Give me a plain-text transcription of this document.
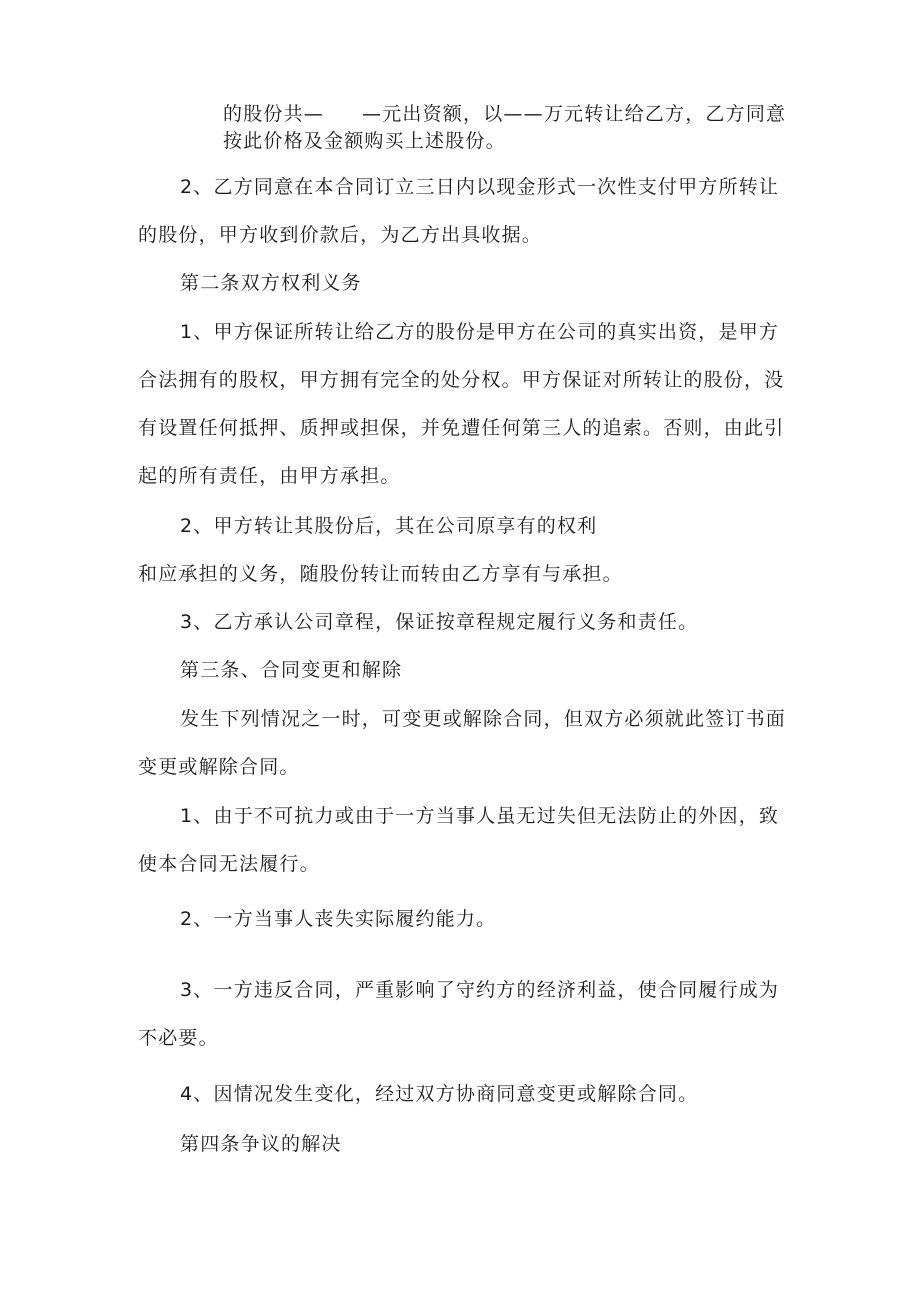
的股份共— —元出资额，以——万元转让给乙方，乙方同意
按此价格及金额购买上述股份。
2、乙方同意在本合同订立三日内以现金形式一次性支付甲方所转让
的股份，甲方收到价款后，为乙方出具收据。
第二条双方权利义务
1、甲方保证所转让给乙方的股份是甲方在公司的真实出资，是甲方
合法拥有的股权，甲方拥有完全的处分权。甲方保证对所转让的股份，没
有设置任何抵押、质押或担保，并免遭任何第三人的追索。否则，由此引
起的所有责任，由甲方承担。
2、甲方转让其股份后，其在公司原享有的权利
和应承担的义务，随股份转让而转由乙方享有与承担。
3、乙方承认公司章程，保证按章程规定履行义务和责任。
第三条、合同变更和解除
发生下列情况之一时，可变更或解除合同，但双方必须就此签订书面
变更或解除合同。
1、由于不可抗力或由于一方当事人虽无过失但无法防止的外因，致
使本合同无法履行。
2、一方当事人丧失实际履约能力。
3、一方违反合同，严重影响了守约方的经济利益，使合同履行成为
不必要。
4、因情况发生变化，经过双方协商同意变更或解除合同。
第四条争议的解决
